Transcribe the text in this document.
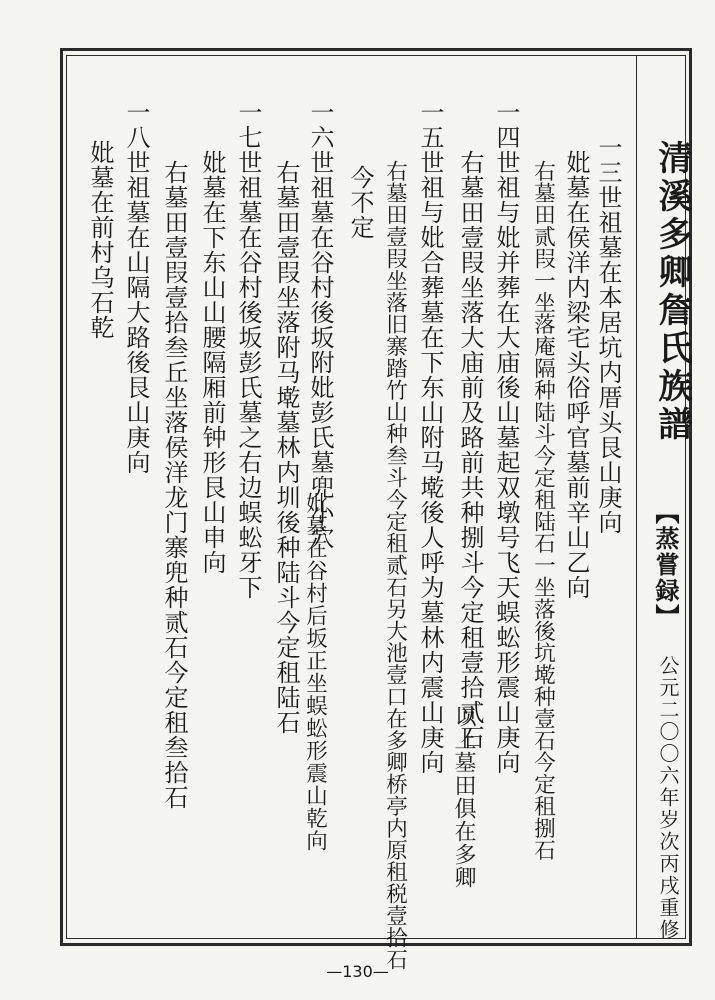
清溪多卿詹氏族譜
【蒸嘗録】
公元二〇〇六年岁次丙戌重修
一三世祖墓在本居坑内厝头艮山庚向
妣墓在侯洋内梁宅头俗呼官墓前辛山乙向
右墓田贰叚一坐落庵隔种陆斗今定租陆石一坐落後坑墘种壹石今定租捌石
一四世祖与妣并葬在大庙後山墓起双墩号飞天蜈蚣形震山庚向
右墓田壹叚坐落大庙前及路前共种捌斗今定租壹拾贰石
以上墓田俱在多卿
一五世祖与妣合葬墓在下东山附马墘後人呼为墓林内震山庚向
右墓田壹叚坐落旧寨踏竹山种叁斗今定租贰石另大池壹口在多卿桥亭内原租税壹拾石
今不定
一六世祖墓在谷村後坂附妣彭氏墓兜小穴
妣墓在谷村后坂正坐蜈蚣形震山乾向
右墓田壹叚坐落附马墘墓林内圳後种陆斗今定租陆石
一七世祖墓在谷村後坂彭氏墓之右边蜈蚣牙下
妣墓在下东山山腰隔厢前钟形艮山申向
右墓田壹叚壹拾叁丘坐落侯洋龙门寨兜种贰石今定租叁拾石
一八世祖墓在山隔大路後艮山庚向
妣墓在前村乌石乾
—130—
